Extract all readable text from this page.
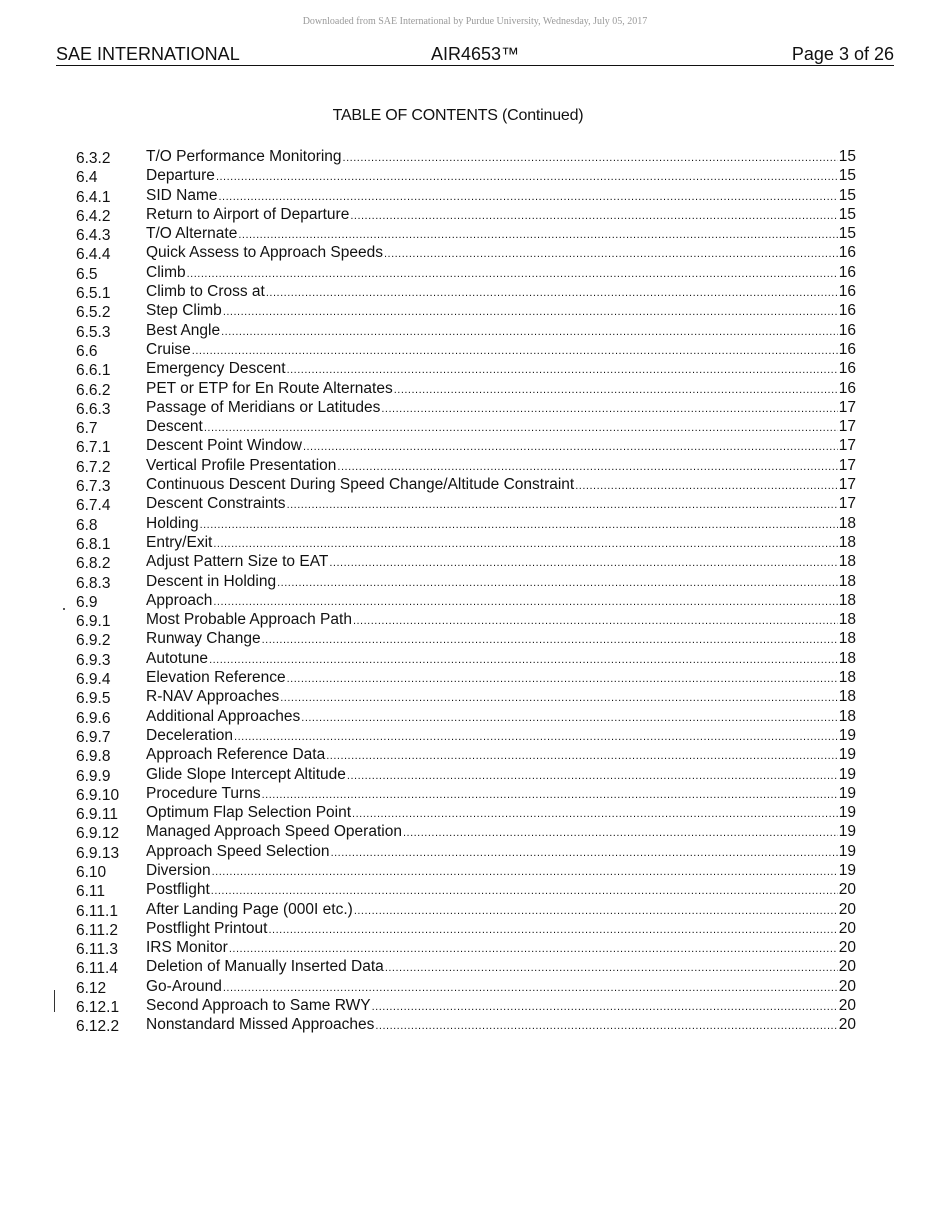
Downloaded from SAE International by Purdue University, Wednesday, July 05, 2017
SAE INTERNATIONAL	AIR4653™	Page 3 of 26
TABLE OF CONTENTS (Continued)
6.3.2	T/O Performance Monitoring .....	15
6.4	Departure .....	15
6.4.1	SID Name .....	15
6.4.2	Return to Airport of Departure .....	15
6.4.3	T/O Alternate .....	15
6.4.4	Quick Assess to Approach Speeds .....	16
6.5	Climb .....	16
6.5.1	Climb to Cross at .....	16
6.5.2	Step Climb .....	16
6.5.3	Best Angle .....	16
6.6	Cruise .....	16
6.6.1	Emergency Descent .....	16
6.6.2	PET or ETP for En Route Alternates .....	16
6.6.3	Passage of Meridians or Latitudes .....	17
6.7	Descent .....	17
6.7.1	Descent Point Window .....	17
6.7.2	Vertical Profile Presentation .....	17
6.7.3	Continuous Descent During Speed Change/Altitude Constraint .....	17
6.7.4	Descent Constraints .....	17
6.8	Holding .....	18
6.8.1	Entry/Exit .....	18
6.8.2	Adjust Pattern Size to EAT .....	18
6.8.3	Descent in Holding .....	18
6.9	Approach .....	18
6.9.1	Most Probable Approach Path .....	18
6.9.2	Runway Change .....	18
6.9.3	Autotune .....	18
6.9.4	Elevation Reference .....	18
6.9.5	R-NAV Approaches .....	18
6.9.6	Additional Approaches .....	18
6.9.7	Deceleration .....	19
6.9.8	Approach Reference Data .....	19
6.9.9	Glide Slope Intercept Altitude .....	19
6.9.10	Procedure Turns .....	19
6.9.11	Optimum Flap Selection Point .....	19
6.9.12	Managed Approach Speed Operation .....	19
6.9.13	Approach Speed Selection .....	19
6.10	Diversion .....	19
6.11	Postflight .....	20
6.11.1	After Landing Page (000I etc.) .....	20
6.11.2	Postflight Printout .....	20
6.11.3	IRS Monitor .....	20
6.11.4	Deletion of Manually Inserted Data .....	20
6.12	Go-Around .....	20
6.12.1	Second Approach to Same RWY .....	20
6.12.2	Nonstandard Missed Approaches .....	20
